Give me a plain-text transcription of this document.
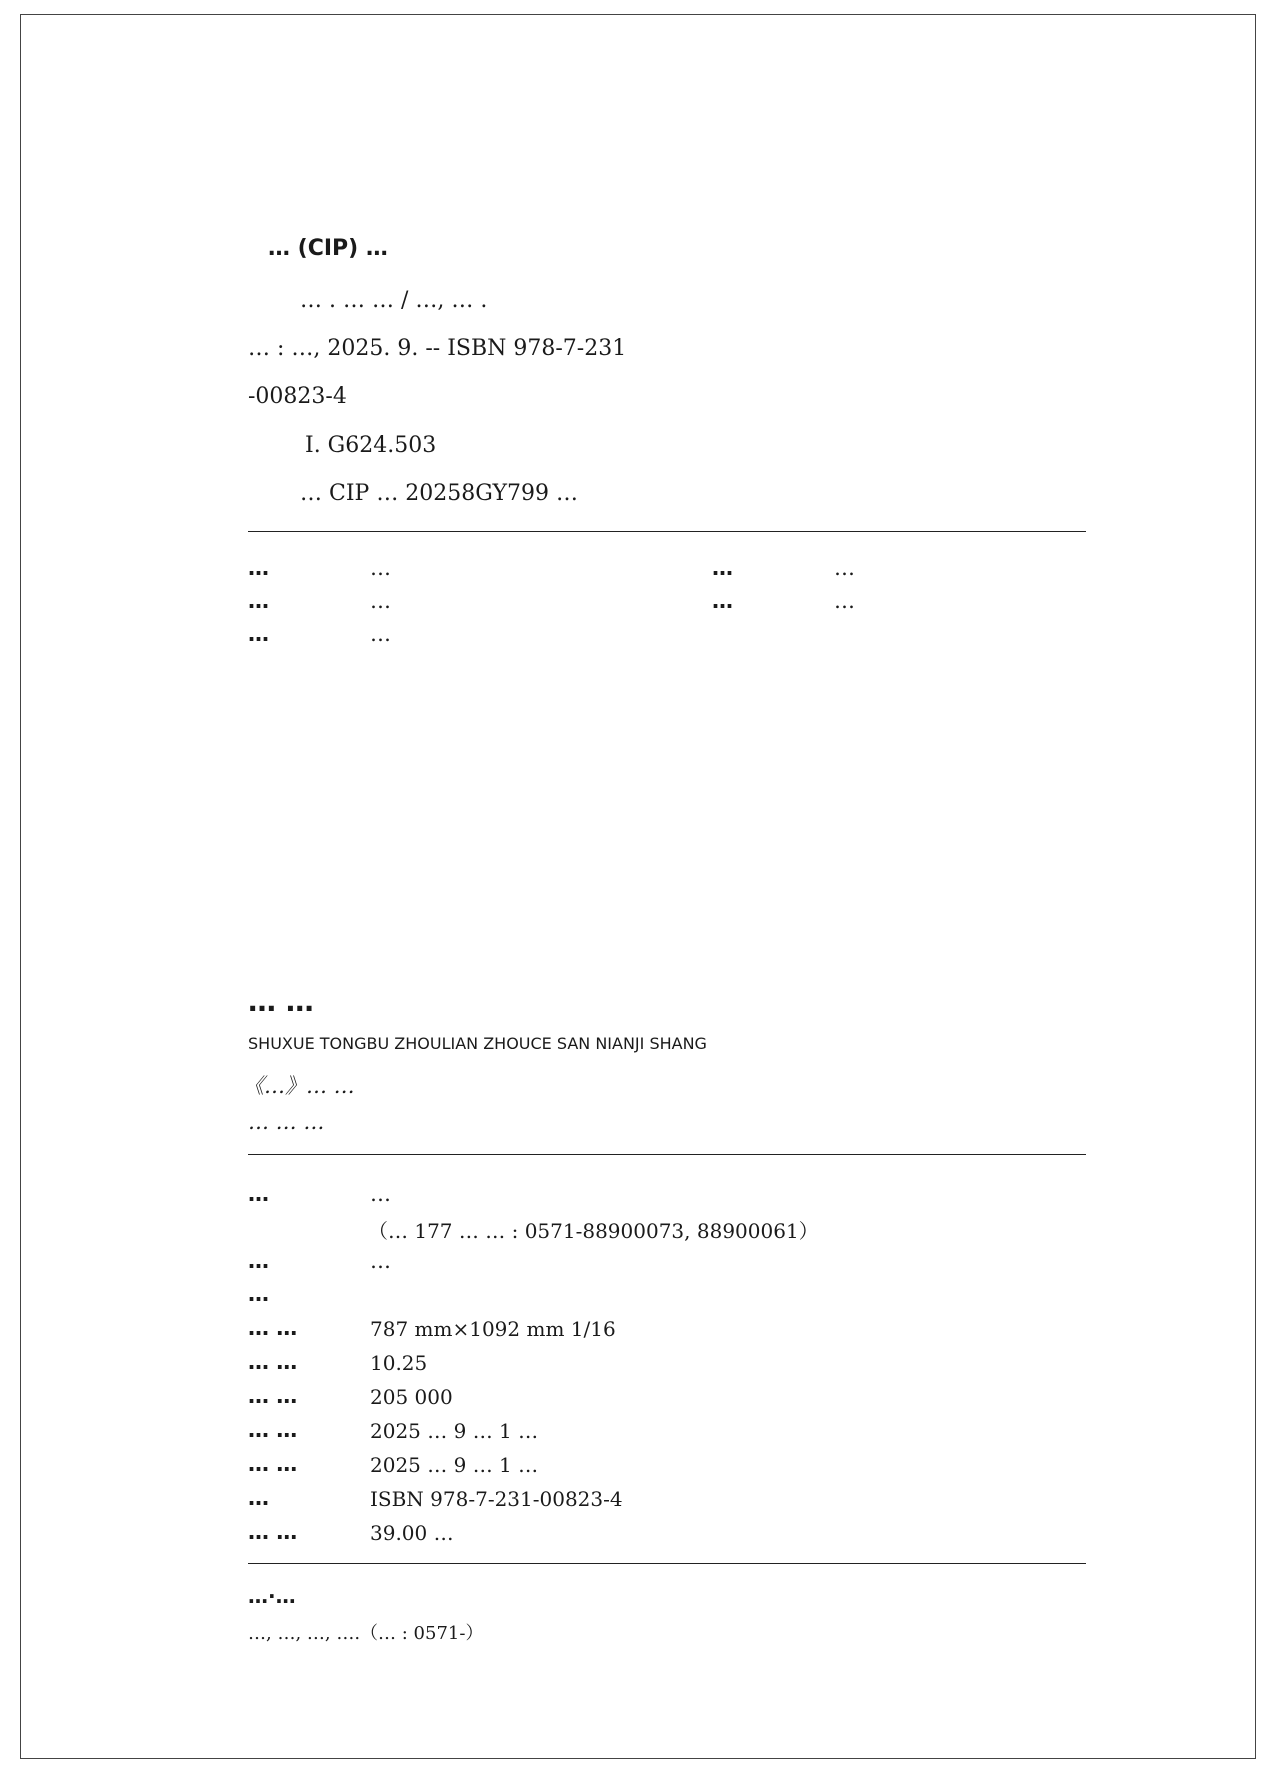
… (CIP) …
… . … … / …, … .
… : …, 2025. 9. -- ISBN 978-7-231
-00823-4
Ⅰ. G624.503
… CIP … 20258GY799 …
…	…	…	…
…	…	…	…
…	…
… …
SHUXUE TONGBU ZHOULIAN ZHOUCE SAN NIANJI SHANG
《…》… …
… … …
…	…
（… 177 … … : 0571-88900073, 88900061）
…	…
…
… …	787 mm×1092 mm 1/16
… …	10.25
… …	205 000
… …	2025 … 9 … 1 …
… …	2025 … 9 … 1 …
…	ISBN 978-7-231-00823-4
… …	39.00 …
…·…
…, …, …, ….（… : 0571-）
